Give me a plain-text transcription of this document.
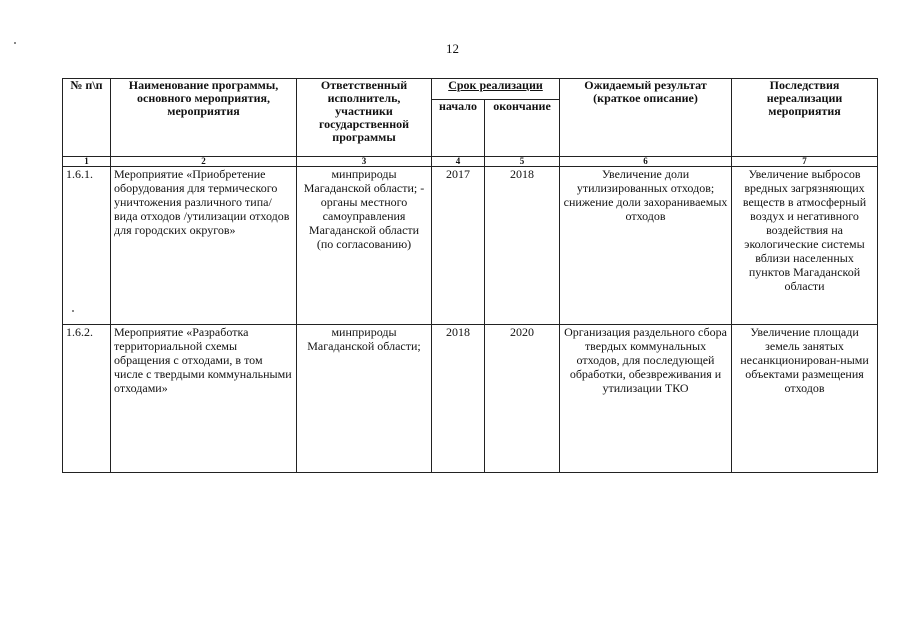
12
№ п\п	Наименование программы, основного мероприятия, мероприятия	Ответственный исполнитель, участники государственной программы	Срок реализации		Ожидаемый результат (краткое описание)	Последствия нереализации мероприятия
			начало	окончание		
1	2	3	4	5	6	7
1.6.1.	Мероприятие «Приобретение оборудования для термического уничтожения различного типа/вида отходов /утилизации отходов для городских округов»	минприроды Магаданской области; - органы местного самоуправления Магаданской области (по согласованию)	2017	2018	Увеличение доли утилизированных отходов; снижение доли захораниваемых отходов	Увеличение выбросов вредных загрязняющих веществ в атмосферный воздух и негативного воздействия на экологические системы вблизи населенных пунктов Магаданской области
1.6.2.	Мероприятие «Разработка территориальной схемы обращения с отходами, в том числе с твердыми коммунальными отходами»	минприроды Магаданской области;	2018	2020	Организация раздельного сбора твердых коммунальных отходов, для последующей обработки, обезвреживания и утилизации ТКО	Увеличение площади земель занятых несанкционирован-ными объектами размещения отходов
